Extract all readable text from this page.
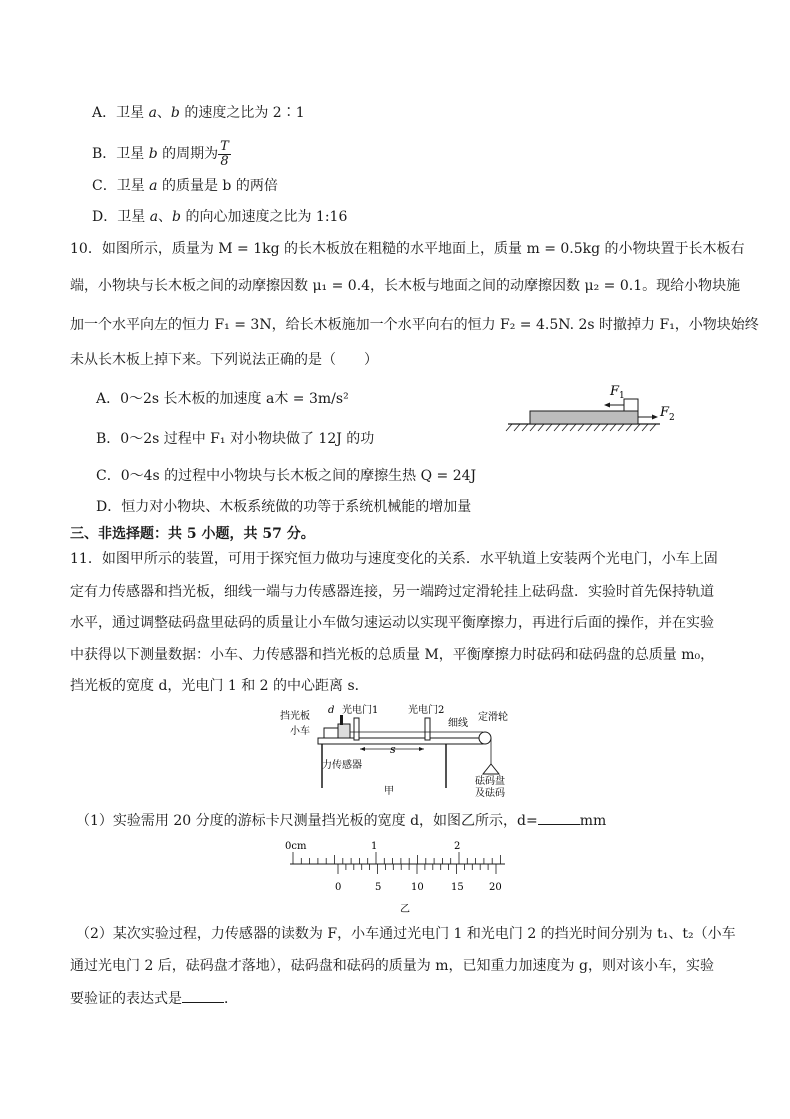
A．卫星 a、b 的速度之比为 2∶1
B．卫星 b 的周期为 $\frac{T}{8}$
C．卫星 a 的质量是 b 的两倍
D．卫星 a、b 的向心加速度之比为 1:16
10．如图所示，质量为 M = 1kg 的长木板放在粗糙的水平地面上，质量 m = 0.5kg 的小物块置于长木板右
端，小物块与长木板之间的动摩擦因数 μ₁ = 0.4，长木板与地面之间的动摩擦因数 μ₂ = 0.1。现给小物块施
加一个水平向左的恒力 F₁ = 3N，给长木板施加一个水平向右的恒力 F₂ = 4.5N. 2s 时撤掉力 F₁，小物块始终
未从长木板上掉下来。下列说法正确的是（　　）
A．0～2s 长木板的加速度 a木 = 3m/s²
B．0～2s 过程中 F₁ 对小物块做了 12J 的功
C．0～4s 的过程中小物块与长木板之间的摩擦生热 Q = 24J
D．恒力对小物块、木板系统做的功等于系统机械能的增加量
F 1
F 2
三、非选择题：共 5 小题，共 57 分。
11．如图甲所示的装置，可用于探究恒力做功与速度变化的关系．水平轨道上安装两个光电门，小车上固
定有力传感器和挡光板，细线一端与力传感器连接，另一端跨过定滑轮挂上砝码盘．实验时首先保持轨道
水平，通过调整砝码盘里砝码的质量让小车做匀速运动以实现平衡摩擦力，再进行后面的操作，并在实验
中获得以下测量数据：小车、力传感器和挡光板的总质量 M，平衡摩擦力时砝码和砝码盘的总质量 m₀，
挡光板的宽度 d，光电门 1 和 2 的中心距离 s．
s
挡光板
d 光电门1	光电门2
小车
细线
定滑轮
力传感器
砝码盘
及砝码
甲
（1）实验需用 20 分度的游标卡尺测量挡光板的宽度 d，如图乙所示，d=	mm
0cm	1	2
0	5	10	15	20
乙
（2）某次实验过程，力传感器的读数为 F，小车通过光电门 1 和光电门 2 的挡光时间分别为 t₁、t₂（小车
通过光电门 2 后，砝码盘才落地），砝码盘和砝码的质量为 m，已知重力加速度为 g，则对该小车，实验
要验证的表达式是	．
